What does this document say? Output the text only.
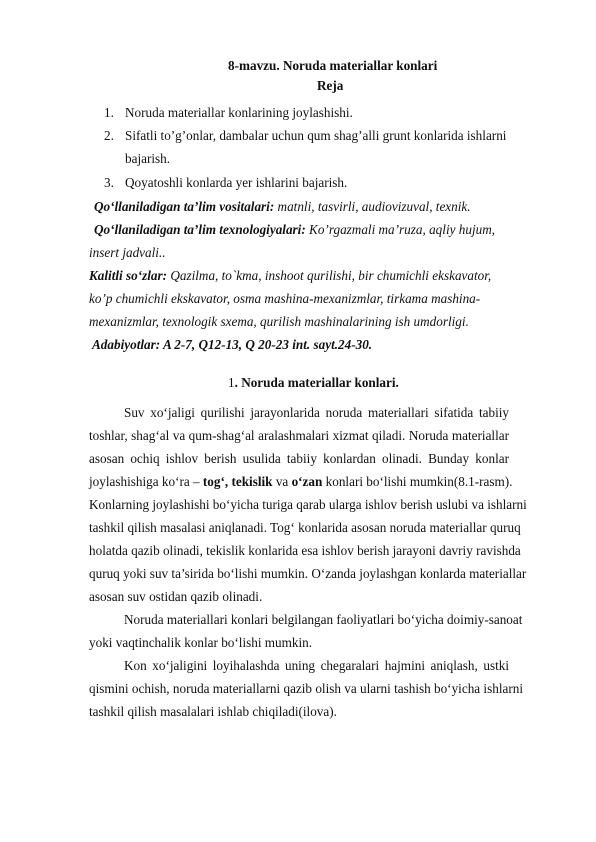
8-mavzu. Noruda materiallar konlari
Reja
1. Noruda materiallar konlarining joylashishi.
2. Sifatli to’g’onlar, dambalar uchun qum shag’alli grunt konlarida ishlarni
bajarish.
3. Qoyatoshli konlarda yer ishlarini bajarish.
Qo‘llaniladigan ta’lim vositalari: matnli, tasvirli, audiovizuval, texnik.
Qo‘llaniladigan ta’lim texnologiyalari: Ko’rgazmali ma’ruza, aqliy hujum,
insert jadvali..
Kalitli so‘zlar: Qazilma, to`kma, inshoot qurilishi, bir chumichli ekskavator,
ko’p chumichli ekskavator, osma mashina-mexanizmlar, tirkama mashina-
mexanizmlar, texnologik sxema, qurilish mashinalarining ish umdorligi.
Adabiyotlar: A 2-7, Q12-13, Q 20-23 int. sayt.24-30.
1. Noruda materiallar konlari.
Suv xo‘jaligi qurilishi jarayonlarida noruda materiallari sifatida tabiiy
toshlar, shag‘al va qum-shag‘al aralashmalari xizmat qiladi. Noruda materiallar
asosan ochiq ishlov berish usulida tabiiy konlardan olinadi. Bunday konlar
joylashishiga ko‘ra – tog‘, tekislik va o‘zan konlari bo‘lishi mumkin(8.1-rasm).
Konlarning joylashishi bo‘yicha turiga qarab ularga ishlov berish uslubi va ishlarni
tashkil qilish masalasi aniqlanadi. Tog‘ konlarida asosan noruda materiallar quruq
holatda qazib olinadi, tekislik konlarida esa ishlov berish jarayoni davriy ravishda
quruq yoki suv ta’sirida bo‘lishi mumkin. O‘zanda joylashgan konlarda materiallar
asosan suv ostidan qazib olinadi.
Noruda materiallari konlari belgilangan faoliyatlari bo‘yicha doimiy-sanoat
yoki vaqtinchalik konlar bo‘lishi mumkin.
Kon xo‘jaligini loyihalashda uning chegaralari hajmini aniqlash, ustki
qismini ochish, noruda materiallarni qazib olish va ularni tashish bo‘yicha ishlarni
tashkil qilish masalalari ishlab chiqiladi(ilova).
